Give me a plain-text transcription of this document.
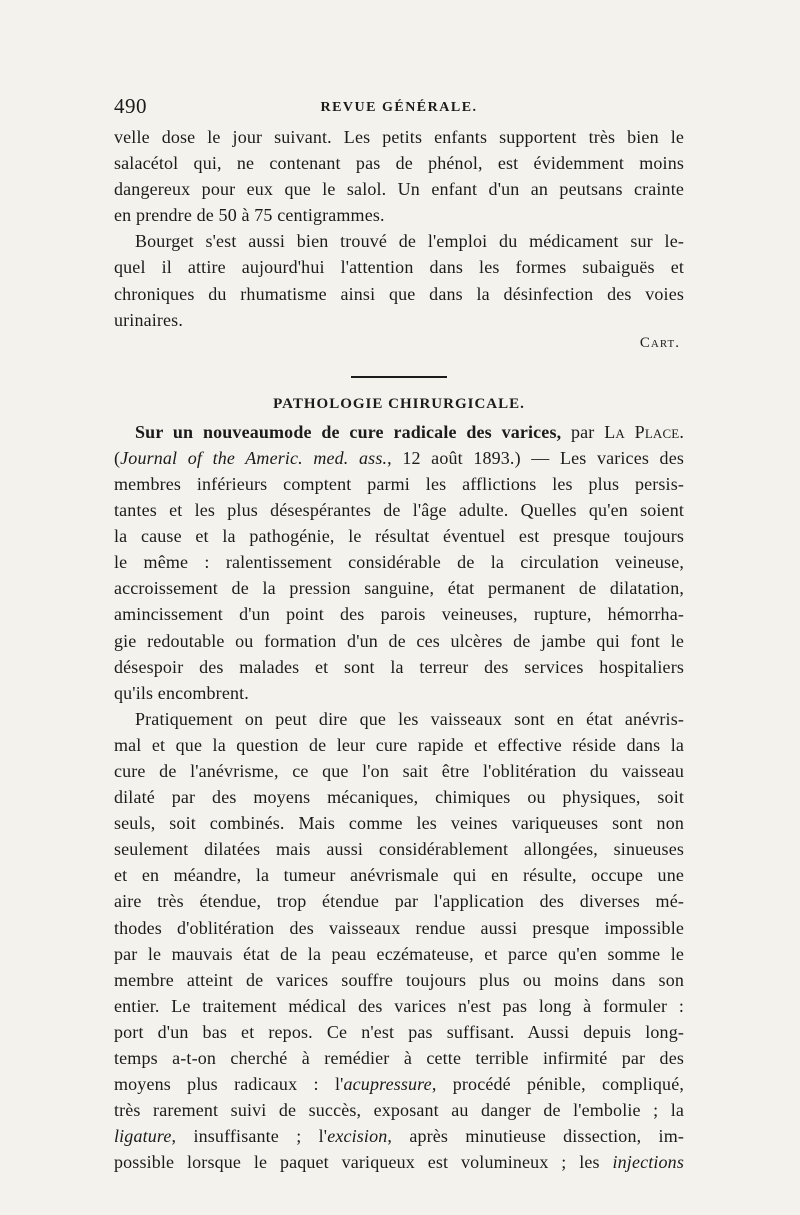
490	REVUE GÉNÉRALE.

velle dose le jour suivant. Les petits enfants supportent très bien le
salacétol qui, ne contenant pas de phénol, est évidemment moins
dangereux pour eux que le salol. Un enfant d'un an peutsans crainte
en prendre de 50 à 75 centigrammes.

Bourget s'est aussi bien trouvé de l'emploi du médicament sur le-
quel il attire aujourd'hui l'attention dans les formes subaiguës et
chroniques du rhumatisme ainsi que dans la désinfection des voies
urinaires.

Cart.
PATHOLOGIE CHIRURGICALE.

Sur un nouveaumode de cure radicale des varices, par La Place.
(Journal of the Americ. med. ass., 12 août 1893.) — Les varices des
membres inférieurs comptent parmi les afflictions les plus persis-
tantes et les plus désespérantes de l'âge adulte. Quelles qu'en soient
la cause et la pathogénie, le résultat éventuel est presque toujours
le même : ralentissement considérable de la circulation veineuse,
accroissement de la pression sanguine, état permanent de dilatation,
amincissement d'un point des parois veineuses, rupture, hémorrha-
gie redoutable ou formation d'un de ces ulcères de jambe qui font le
désespoir des malades et sont la terreur des services hospitaliers
qu'ils encombrent.

Pratiquement on peut dire que les vaisseaux sont en état anévris-
mal et que la question de leur cure rapide et effective réside dans la
cure de l'anévrisme, ce que l'on sait être l'oblitération du vaisseau
dilaté par des moyens mécaniques, chimiques ou physiques, soit
seuls, soit combinés. Mais comme les veines variqueuses sont non
seulement dilatées mais aussi considérablement allongées, sinueuses
et en méandre, la tumeur anévrismale qui en résulte, occupe une
aire très étendue, trop étendue par l'application des diverses mé-
thodes d'oblitération des vaisseaux rendue aussi presque impossible
par le mauvais état de la peau eczémateuse, et parce qu'en somme le
membre atteint de varices souffre toujours plus ou moins dans son
entier. Le traitement médical des varices n'est pas long à formuler :
port d'un bas et repos. Ce n'est pas suffisant. Aussi depuis long-
temps a-t-on cherché à remédier à cette terrible infirmité par des
moyens plus radicaux : l'acupressure, procédé pénible, compliqué,
très rarement suivi de succès, exposant au danger de l'embolie ; la
ligature, insuffisante ; l'excision, après minutieuse dissection, im-
possible lorsque le paquet variqueux est volumineux ; les injections
